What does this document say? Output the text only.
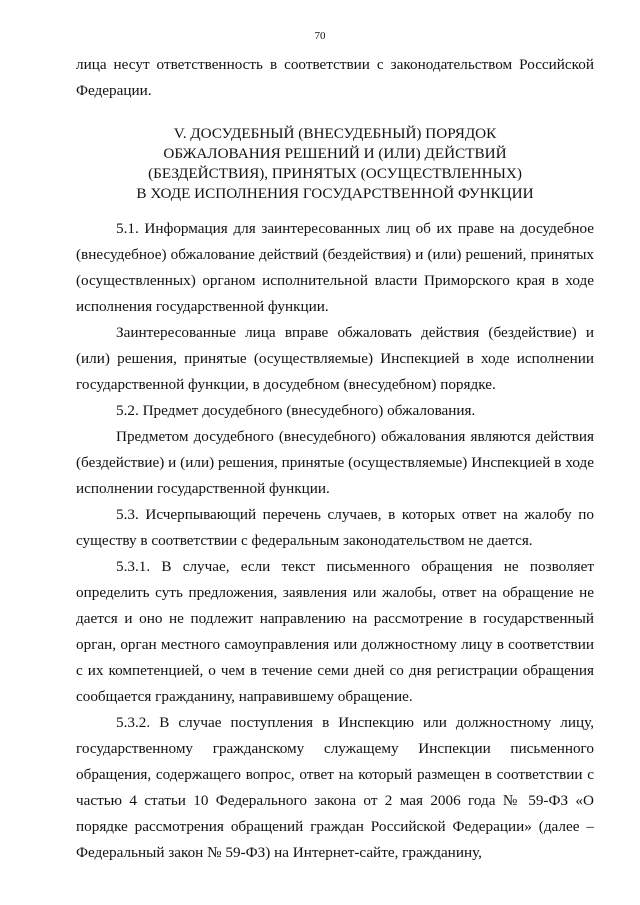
70

лица несут ответственность в соответствии с законодательством Российской Федерации.

V. ДОСУДЕБНЫЙ (ВНЕСУДЕБНЫЙ) ПОРЯДОК
ОБЖАЛОВАНИЯ РЕШЕНИЙ И (ИЛИ) ДЕЙСТВИЙ
(БЕЗДЕЙСТВИЯ), ПРИНЯТЫХ (ОСУЩЕСТВЛЕННЫХ)
В ХОДЕ ИСПОЛНЕНИЯ ГОСУДАРСТВЕННОЙ ФУНКЦИИ

5.1. Информация для заинтересованных лиц об их праве на досудебное (внесудебное) обжалование действий (бездействия) и (или) решений, принятых (осуществленных) органом исполнительной власти Приморского края в ходе исполнения государственной функции.

Заинтересованные лица вправе обжаловать действия (бездействие) и (или) решения, принятые (осуществляемые) Инспекцией в ходе исполнении государственной функции, в досудебном (внесудебном) порядке.

5.2. Предмет досудебного (внесудебного) обжалования.

Предметом досудебного (внесудебного) обжалования являются действия (бездействие) и (или) решения, принятые (осуществляемые) Инспекцией в ходе исполнении государственной функции.

5.3. Исчерпывающий перечень случаев, в которых ответ на жалобу по существу в соответствии с федеральным законодательством не дается.

5.3.1. В случае, если текст письменного обращения не позволяет определить суть предложения, заявления или жалобы, ответ на обращение не дается и оно не подлежит направлению на рассмотрение в государственный орган, орган местного самоуправления или должностному лицу в соответствии с их компетенцией, о чем в течение семи дней со дня регистрации обращения сообщается гражданину, направившему обращение.

5.3.2. В случае поступления в Инспекцию или должностному лицу, государственному гражданскому служащему Инспекции письменного обращения, содержащего вопрос, ответ на который размещен в соответствии с частью 4 статьи 10 Федерального закона от 2 мая 2006 года № 59-ФЗ «О порядке рассмотрения обращений граждан Российской Федерации» (далее – Федеральный закон № 59-ФЗ) на Интернет-сайте, гражданину,
